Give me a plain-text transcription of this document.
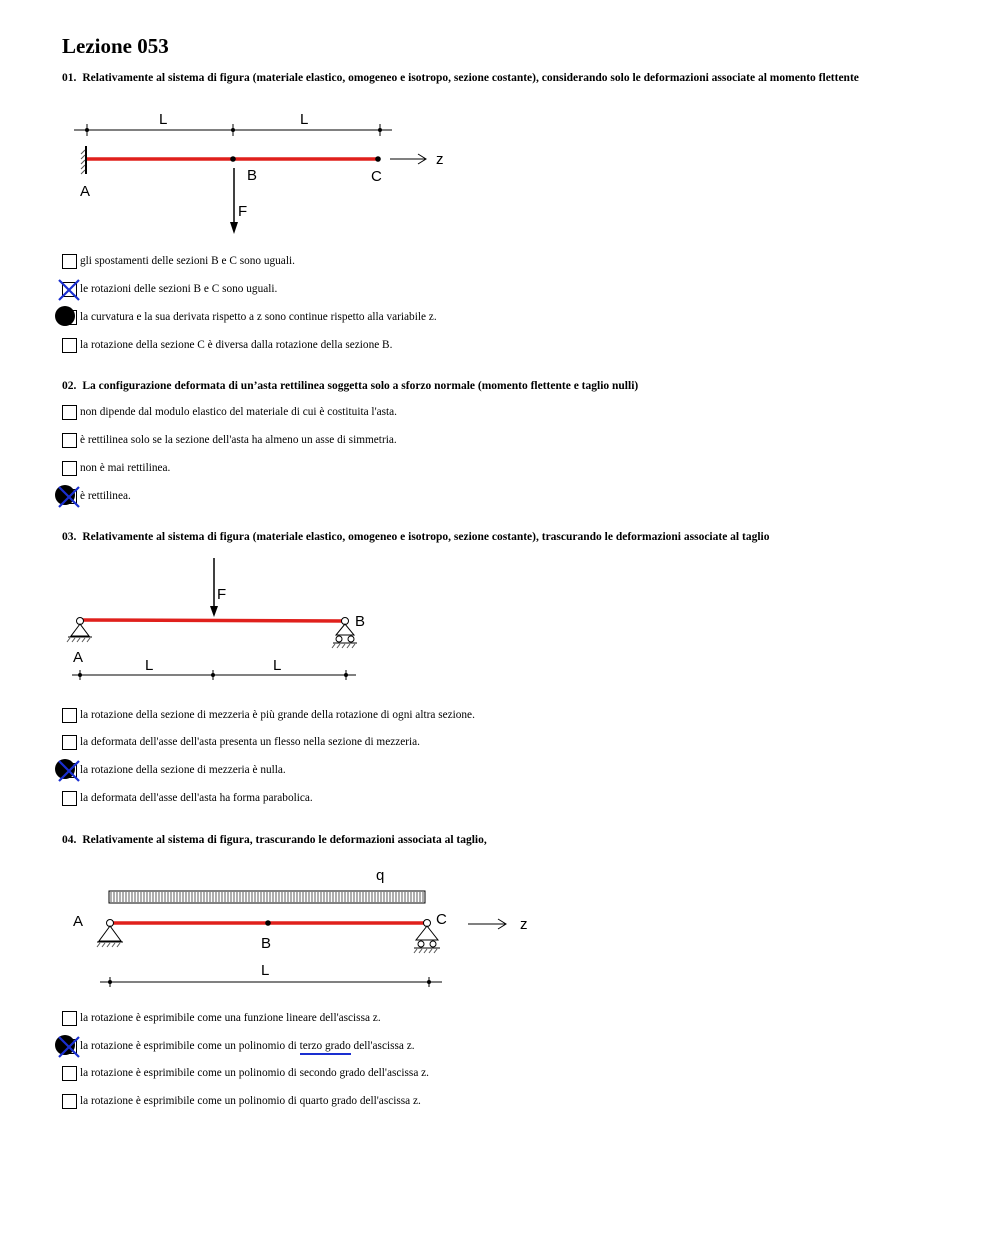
Lezione 053
01. Relativamente al sistema di figura (materiale elastico, omogeneo e isotropo, sezione costante), considerando solo le deformazioni associate al momento flettente
L	L
z
A
B	C
F
gli spostamenti delle sezioni B e C sono uguali.
le rotazioni delle sezioni B e C sono uguali.
la curvatura e la sua derivata rispetto a z sono continue rispetto alla variabile z.
la rotazione della sezione C è diversa dalla rotazione della sezione B.
02. La configurazione deformata di un’asta rettilinea soggetta solo a sforzo normale (momento flettente e taglio nulli)
non dipende dal modulo elastico del materiale di cui è costituita l'asta.
è rettilinea solo se la sezione dell'asta ha almeno un asse di simmetria.
non è mai rettilinea.
è rettilinea.
03. Relativamente al sistema di figura (materiale elastico, omogeneo e isotropo, sezione costante), trascurando le deformazioni associate al taglio
F
B
A	L	L
la rotazione della sezione di mezzeria è più grande della rotazione di ogni altra sezione.
la deformata dell'asse dell'asta presenta un flesso nella sezione di mezzeria.
la rotazione della sezione di mezzeria è nulla.
la deformata dell'asse dell'asta ha forma parabolica.
04. Relativamente al sistema di figura, trascurando le deformazioni associata al taglio,
q
A	C	z
B
L
la rotazione è esprimibile come una funzione lineare dell'ascissa z.
la rotazione è esprimibile come un polinomio di terzo grado dell'ascissa z.
la rotazione è esprimibile come un polinomio di secondo grado dell'ascissa z.
la rotazione è esprimibile come un polinomio di quarto grado dell'ascissa z.
